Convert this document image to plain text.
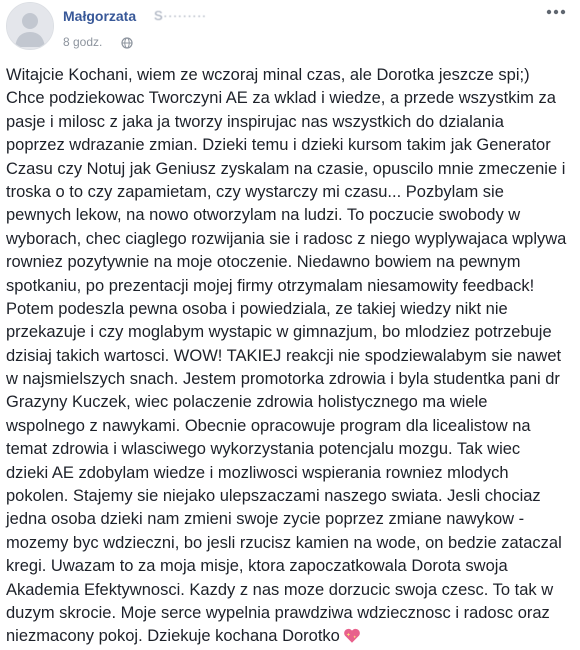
Małgorzata S·········
8 godz.
Witajcie Kochani, wiem ze wczoraj minal czas, ale Dorotka jeszcze spi;)
Chce podziekowac Tworczyni AE za wklad i wiedze, a przede wszystkim za
pasje i milosc z jaka ja tworzy inspirujac nas wszystkich do dzialania
poprzez wdrazanie zmian. Dzieki temu i dzieki kursom takim jak Generator
Czasu czy Notuj jak Geniusz zyskalam na czasie, opuscilo mnie zmeczenie i
troska o to czy zapamietam, czy wystarczy mi czasu... Pozbylam sie
pewnych lekow, na nowo otworzylam na ludzi. To poczucie swobody w
wyborach, chec ciaglego rozwijania sie i radosc z niego wyplywajaca wplywa
rowniez pozytywnie na moje otoczenie. Niedawno bowiem na pewnym
spotkaniu, po prezentacji mojej firmy otrzymalam niesamowity feedback!
Potem podeszla pewna osoba i powiedziala, ze takiej wiedzy nikt nie
przekazuje i czy moglabym wystapic w gimnazjum, bo mlodziez potrzebuje
dzisiaj takich wartosci. WOW! TAKIEJ reakcji nie spodziewalabym sie nawet
w najsmielszych snach. Jestem promotorka zdrowia i byla studentka pani dr
Grazyny Kuczek, wiec polaczenie zdrowia holistycznego ma wiele
wspolnego z nawykami. Obecnie opracowuje program dla licealistow na
temat zdrowia i wlasciwego wykorzystania potencjalu mozgu. Tak wiec
dzieki AE zdobylam wiedze i mozliwosci wspierania rowniez mlodych
pokolen. Stajemy sie niejako ulepszaczami naszego swiata. Jesli chociaz
jedna osoba dzieki nam zmieni swoje zycie poprzez zmiane nawykow -
mozemy byc wdzieczni, bo jesli rzucisz kamien na wode, on bedzie zataczal
kregi. Uwazam to za moja misje, ktora zapoczatkowala Dorota swoja
Akademia Efektywnosci. Kazdy z nas moze dorzucic swoja czesc. To tak w
duzym skrocie. Moje serce wypelnia prawdziwa wdziecznosc i radosc oraz
niezmacony pokoj. Dziekuje kochana Dorotko
